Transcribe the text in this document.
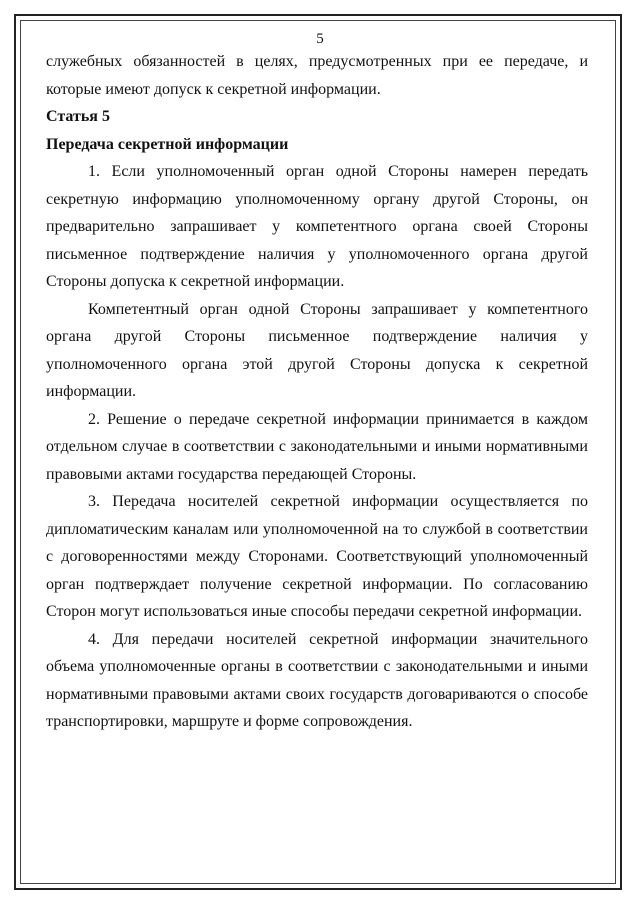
5

служебных обязанностей в целях, предусмотренных при ее передаче, и которые имеют допуск к секретной информации.

Статья 5

Передача секретной информации

1. Если уполномоченный орган одной Стороны намерен передать секретную информацию уполномоченному органу другой Стороны, он предварительно запрашивает у компетентного органа своей Стороны письменное подтверждение наличия у уполномоченного органа другой Стороны допуска к секретной информации.

Компетентный орган одной Стороны запрашивает у компетентного органа другой Стороны письменное подтверждение наличия у уполномоченного органа этой другой Стороны допуска к секретной информации.

2. Решение о передаче секретной информации принимается в каждом отдельном случае в соответствии с законодательными и иными нормативными правовыми актами государства передающей Стороны.

3. Передача носителей секретной информации осуществляется по дипломатическим каналам или уполномоченной на то службой в соответствии с договоренностями между Сторонами. Соответствующий уполномоченный орган подтверждает получение секретной информации. По согласованию Сторон могут использоваться иные способы передачи секретной информации.

4. Для передачи носителей секретной информации значительного объема уполномоченные органы в соответствии с законодательными и иными нормативными правовыми актами своих государств договариваются о способе транспортировки, маршруте и форме сопровождения.
